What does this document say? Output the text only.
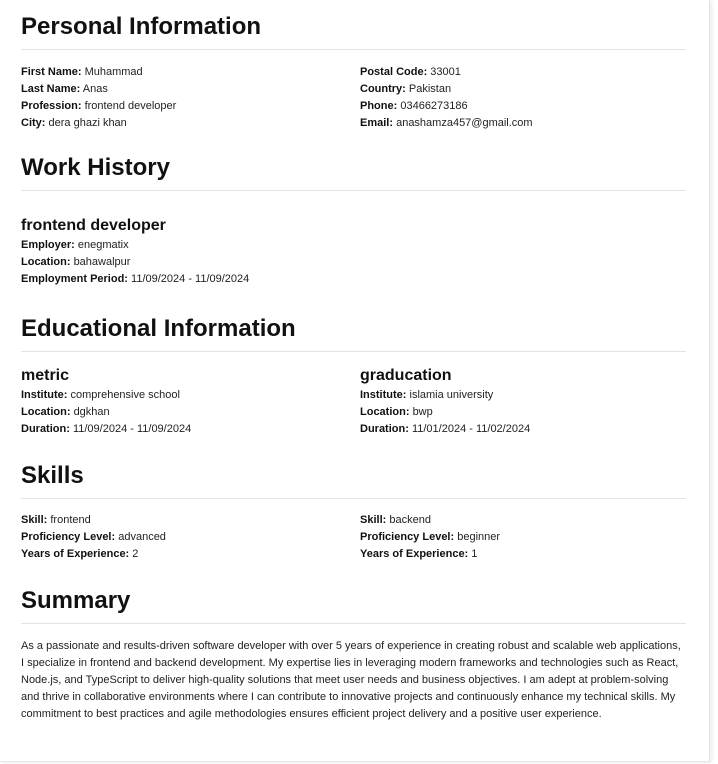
Personal Information
First Name: Muhammad
Last Name: Anas
Profession: frontend developer
City: dera ghazi khan
Postal Code: 33001
Country: Pakistan
Phone: 03466273186
Email: anashamza457@gmail.com
Work History
frontend developer
Employer: enegmatix
Location: bahawalpur
Employment Period: 11/09/2024 - 11/09/2024
Educational Information
metric
Institute: comprehensive school
Location: dgkhan
Duration: 11/09/2024 - 11/09/2024
graducation
Institute: islamia university
Location: bwp
Duration: 11/01/2024 - 11/02/2024
Skills
Skill: frontend
Proficiency Level: advanced
Years of Experience: 2
Skill: backend
Proficiency Level: beginner
Years of Experience: 1
Summary
As a passionate and results-driven software developer with over 5 years of experience in creating robust and scalable web applications, I specialize in frontend and backend development. My expertise lies in leveraging modern frameworks and technologies such as React, Node.js, and TypeScript to deliver high-quality solutions that meet user needs and business objectives. I am adept at problem-solving and thrive in collaborative environments where I can contribute to innovative projects and continuously enhance my technical skills. My commitment to best practices and agile methodologies ensures efficient project delivery and a positive user experience.
